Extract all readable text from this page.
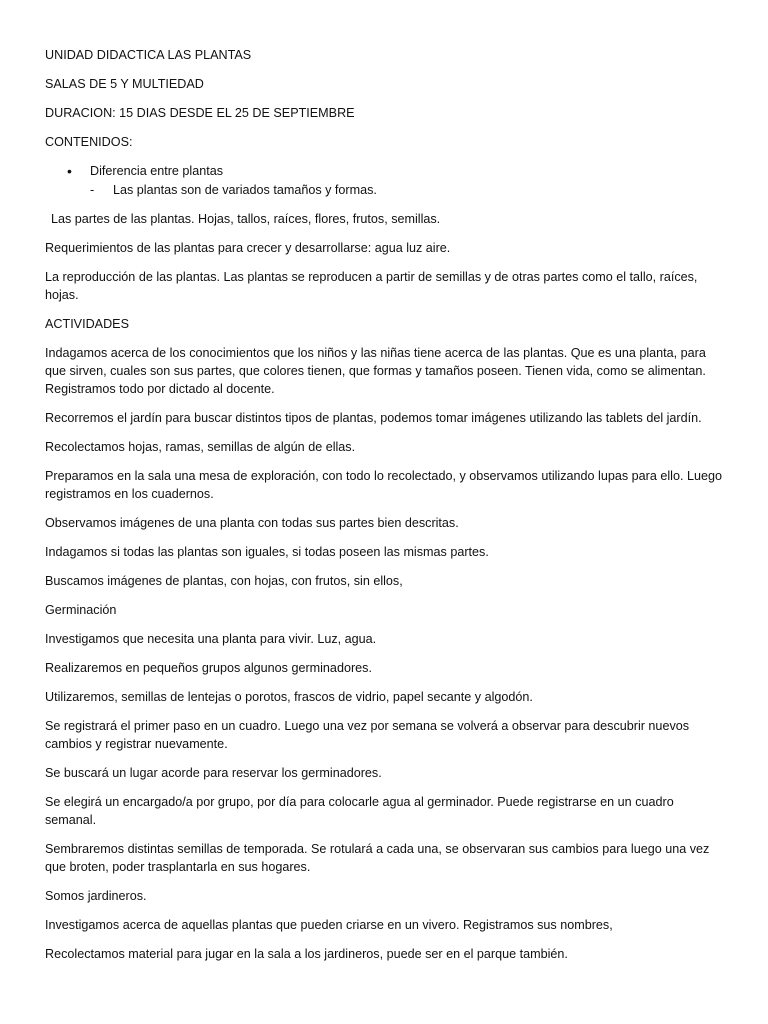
UNIDAD DIDACTICA LAS PLANTAS

SALAS DE 5 Y MULTIEDAD

DURACION: 15 DIAS DESDE EL 25 DE SEPTIEMBRE

CONTENIDOS:

• Diferencia entre plantas
- Las plantas son de variados tamaños y formas.

Las partes de las plantas. Hojas, tallos, raíces, flores, frutos, semillas.

Requerimientos de las plantas para crecer y desarrollarse: agua luz aire.

La reproducción de las plantas. Las plantas se reproducen a partir de semillas y de otras partes como el tallo, raíces, hojas.

ACTIVIDADES

Indagamos acerca de los conocimientos que los niños y las niñas tiene acerca de las plantas. Que es una planta, para que sirven, cuales son sus partes, que colores tienen, que formas y tamaños poseen. Tienen vida, como se alimentan. Registramos todo por dictado al docente.

Recorremos el jardín para buscar distintos tipos de plantas, podemos tomar imágenes utilizando las tablets del jardín.

Recolectamos hojas, ramas, semillas de algún de ellas.

Preparamos en la sala una mesa de exploración, con todo lo recolectado, y observamos utilizando lupas para ello. Luego registramos en los cuadernos.

Observamos imágenes de una planta con todas sus partes bien descritas.

Indagamos si todas las plantas son iguales, si todas poseen las mismas partes.

Buscamos imágenes de plantas, con hojas, con frutos, sin ellos,

Germinación

Investigamos que necesita una planta para vivir. Luz, agua.

Realizaremos en pequeños grupos algunos germinadores.

Utilizaremos, semillas de lentejas o porotos, frascos de vidrio, papel secante y algodón.

Se registrará el primer paso en un cuadro. Luego una vez por semana se volverá a observar para descubrir nuevos cambios y registrar nuevamente.

Se buscará un lugar acorde para reservar los germinadores.

Se elegirá un encargado/a por grupo, por día para colocarle agua al germinador. Puede registrarse en un cuadro semanal.

Sembraremos distintas semillas de temporada. Se rotulará a cada una, se observaran sus cambios para luego una vez que broten, poder trasplantarla en sus hogares.

Somos jardineros.

Investigamos acerca de aquellas plantas que pueden criarse en un vivero. Registramos sus nombres,

Recolectamos material para jugar en la sala a los jardineros, puede ser en el parque también.
